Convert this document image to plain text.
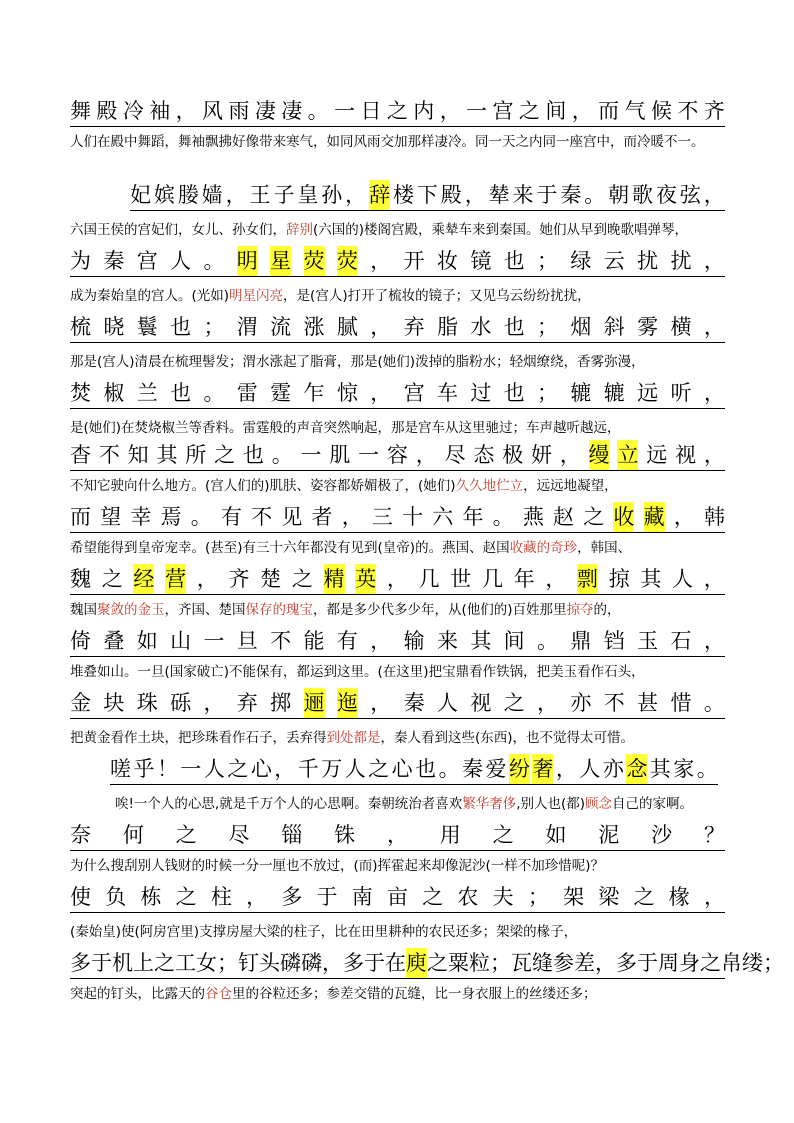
舞 殿 冷 袖 ， 风 雨 凄 凄 。 一 日 之 内 ， 一 宫 之 间 ， 而 气 候 不 齐
人们在殿中舞蹈，舞袖飘拂好像带来寒气，如同风雨交加那样凄冷。同一天之内同一座宫中，而冷暖不一。
妃 嫔 媵 嫱 ， 王 子 皇 孙 ， 辞 楼 下 殿 ， 辇 来 于 秦 。 朝 歌 夜 弦 ，
六国王侯的宫妃们，女儿、孙女们，辞别(六国的)楼阁宫殿，乘辇车来到秦国。她们从早到晚歌唱弹琴，
为 秦 宫 人 。 明 星 荧 荧 ， 开 妆 镜 也 ； 绿 云 扰 扰 ，
成为秦始皇的宫人。(光如)明星闪亮，是(宫人)打开了梳妆的镜子；又见乌云纷纷扰扰，
梳 晓 鬟 也 ； 渭 流 涨 腻 ， 弃 脂 水 也 ； 烟 斜 雾 横 ，
那是(宫人)清晨在梳理髻发；渭水涨起了脂膏，那是(她们)泼掉的脂粉水；轻烟缭绕，香雾弥漫，
焚 椒 兰 也 。 雷 霆 乍 惊 ， 宫 车 过 也 ； 辘 辘 远 听 ，
是(她们)在焚烧椒兰等香料。雷霆般的声音突然响起，那是宫车从这里驰过；车声越听越远，
杳 不 知 其 所 之 也 。 一 肌 一 容 ， 尽 态 极 妍 ， 缦 立 远 视 ，
不知它驶向什么地方。(宫人们的)肌肤、姿容都娇媚极了，(她们)久久地伫立，远远地凝望，
而 望 幸 焉 。 有 不 见 者 ， 三 十 六 年 。 燕 赵 之 收 藏 ， 韩
希望能得到皇帝宠幸。(甚至)有三十六年都没有见到(皇帝)的。燕国、赵国收藏的奇珍，韩国、
魏 之 经 营 ， 齐 楚 之 精 英 ， 几 世 几 年 ， 剽 掠 其 人 ，
魏国聚敛的金玉，齐国、楚国保存的瑰宝，都是多少代多少年，从(他们的)百姓那里掠夺的，
倚 叠 如 山 一 旦 不 能 有 ， 输 来 其 间 。 鼎 铛 玉 石 ，
堆叠如山。一旦(国家破亡)不能保有，都运到这里。(在这里)把宝鼎看作铁锅，把美玉看作石头，
金 块 珠 砾 ， 弃 掷 逦 迤 ， 秦 人 视 之 ， 亦 不 甚 惜 。
把黄金看作土块，把珍珠看作石子，丢弃得到处都是，秦人看到这些(东西)，也不觉得太可惜。
嗟 乎 ！ 一 人 之 心 ， 千 万 人 之 心 也 。 秦 爱 纷 奢 ， 人 亦 念 其 家 。
唉!一个人的心思,就是千万个人的心思啊。秦朝统治者喜欢繁华奢侈,别人也(都)顾念自己的家啊。
奈 何 之 尽 锱 铢 ， 用 之 如 泥 沙 ？
为什么搜刮别人钱财的时候一分一厘也不放过，(而)挥霍起来却像泥沙(一样不加珍惜呢)？
使 负 栋 之 柱 ， 多 于 南 亩 之 农 夫 ； 架 梁 之 椽 ，
(秦始皇)使(阿房宫里)支撑房屋大梁的柱子，比在田里耕种的农民还多；架梁的椽子，
多 于 机 上 之 工 女 ； 钉 头 磷 磷 ， 多 于 在 庾 之 粟 粒 ； 瓦 缝 参 差 ， 多 于 周 身 之 帛 缕 ；
突起的钉头，比露天的谷仓里的谷粒还多；参差交错的瓦缝，比一身衣服上的丝缕还多；
